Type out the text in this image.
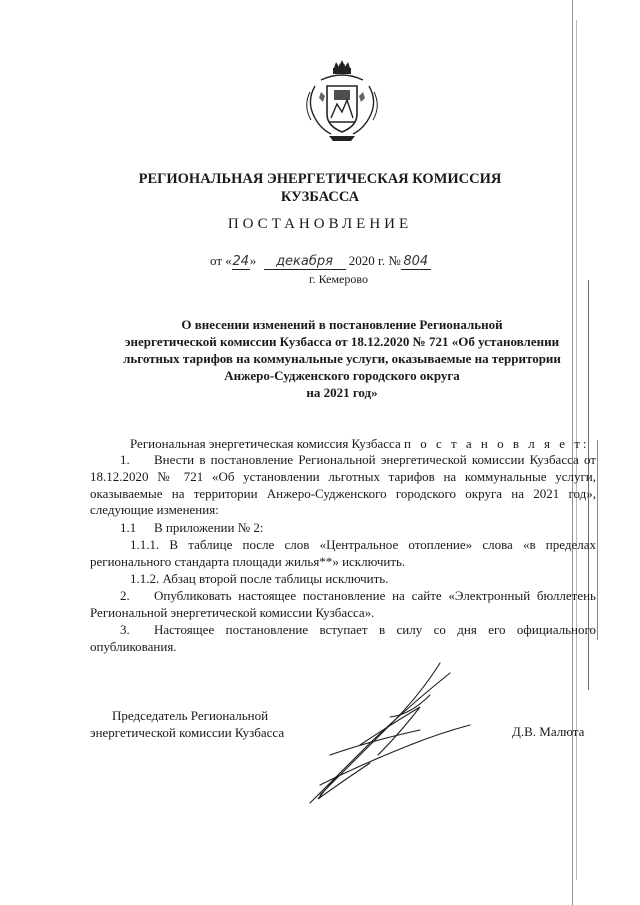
РЕГИОНАЛЬНАЯ ЭНЕРГЕТИЧЕСКАЯ КОМИССИЯ
КУЗБАССА
ПОСТАНОВЛЕНИЕ
от «24» декабря 2020 г. № 804
г. Кемерово
О внесении изменений в постановление Региональной
энергетической комиссии Кузбасса от 18.12.2020 № 721 «Об установлении
льготных тарифов на коммунальные услуги, оказываемые на территории
Анжеро-Судженского городского округа
на 2021 год»
Региональная энергетическая комиссия Кузбасса п о с т а н о в л я е т:
1. Внести в постановление Региональной энергетической комиссии Кузбасса от 18.12.2020 № 721 «Об установлении льготных тарифов на коммунальные услуги, оказываемые на территории Анжеро-Судженского городского округа на 2021 год», следующие изменения:
1.1 В приложении № 2:
1.1.1. В таблице после слов «Центральное отопление» слова «в пределах регионального стандарта площади жилья**» исключить.
1.1.2. Абзац второй после таблицы исключить.
2. Опубликовать настоящее постановление на сайте «Электронный бюллетень Региональной энергетической комиссии Кузбасса».
3. Настоящее постановление вступает в силу со дня его официального опубликования.
Председатель Региональной
энергетической комиссии Кузбасса	Д.В. Малюта
